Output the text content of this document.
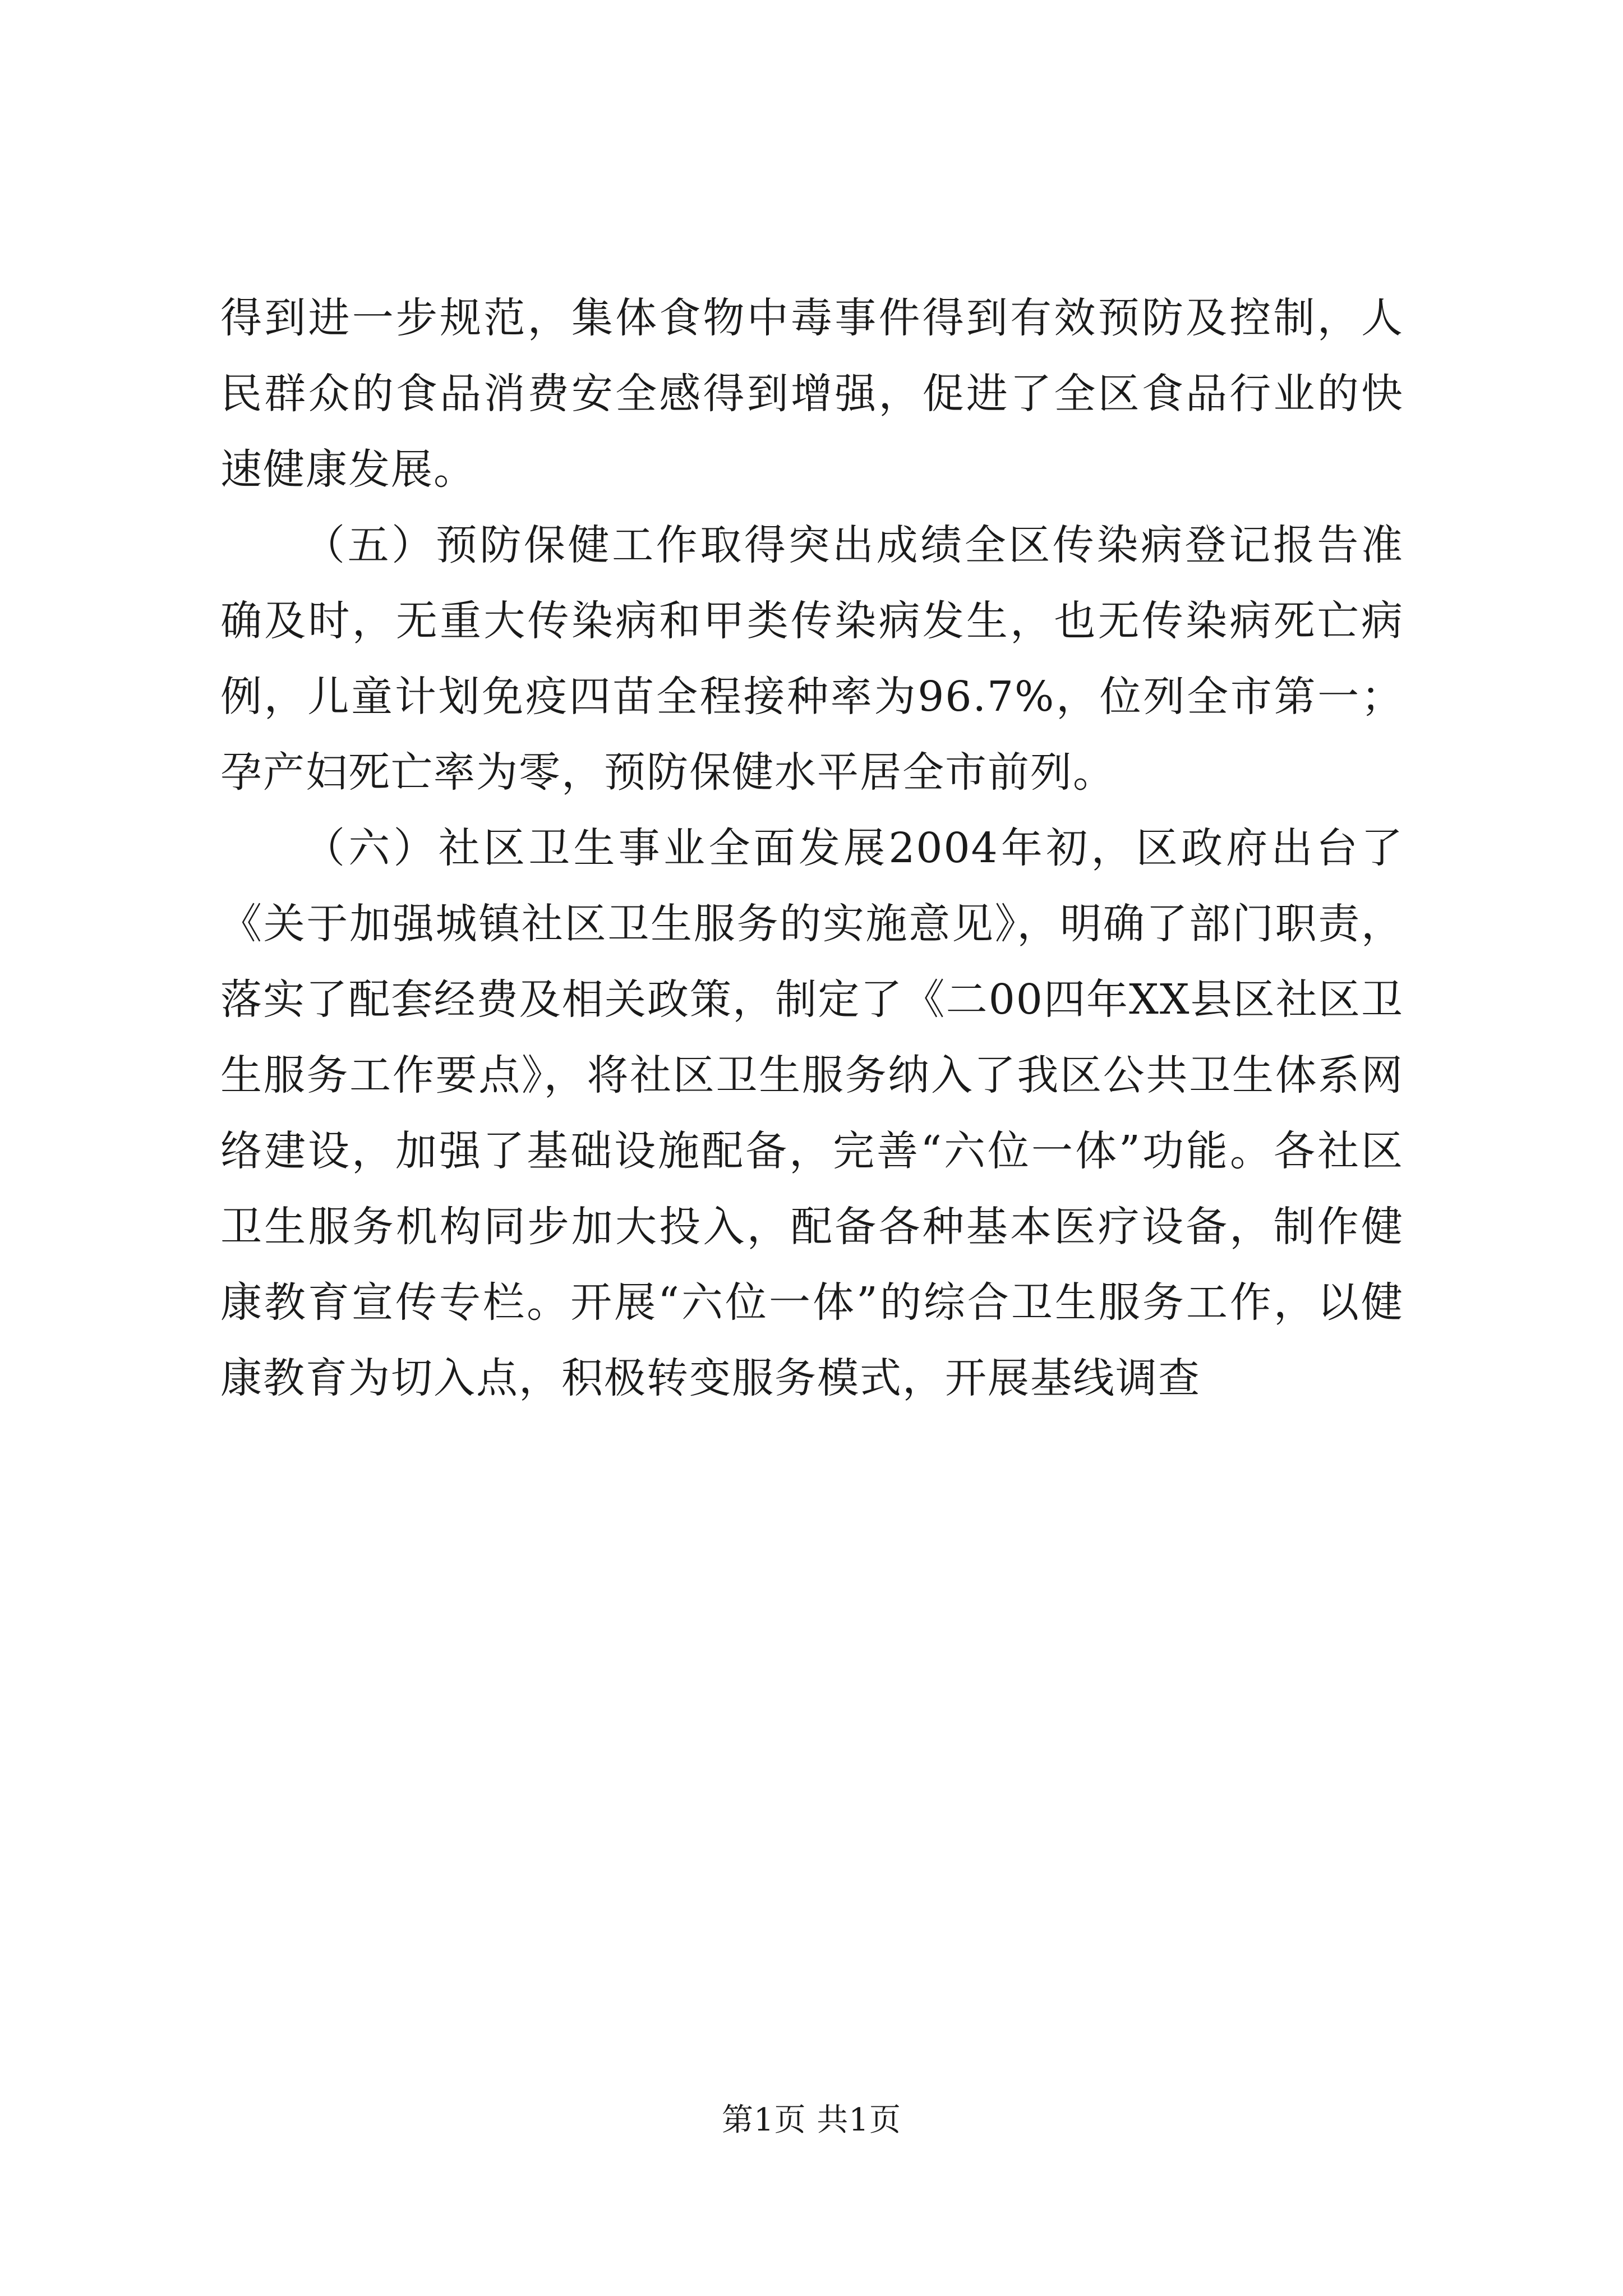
得到进一步规范，集体食物中毒事件得到有效预防及控制，人民群众的食品消费安全感得到增强，促进了全区食品行业的快速健康发展。

（五）预防保健工作取得突出成绩全区传染病登记报告准确及时，无重大传染病和甲类传染病发生，也无传染病死亡病例，儿童计划免疫四苗全程接种率为96.7%，位列全市第一；孕产妇死亡率为零，预防保健水平居全市前列。

（六）社区卫生事业全面发展2004年初，区政府出台了《关于加强城镇社区卫生服务的实施意见》，明确了部门职责，落实了配套经费及相关政策，制定了《二00四年XX县区社区卫生服务工作要点》，将社区卫生服务纳入了我区公共卫生体系网络建设，加强了基础设施配备，完善“六位一体”功能。各社区卫生服务机构同步加大投入，配备各种基本医疗设备，制作健康教育宣传专栏。开展“六位一体”的综合卫生服务工作，以健康教育为切入点，积极转变服务模式，开展基线调查

第1页 共1页
